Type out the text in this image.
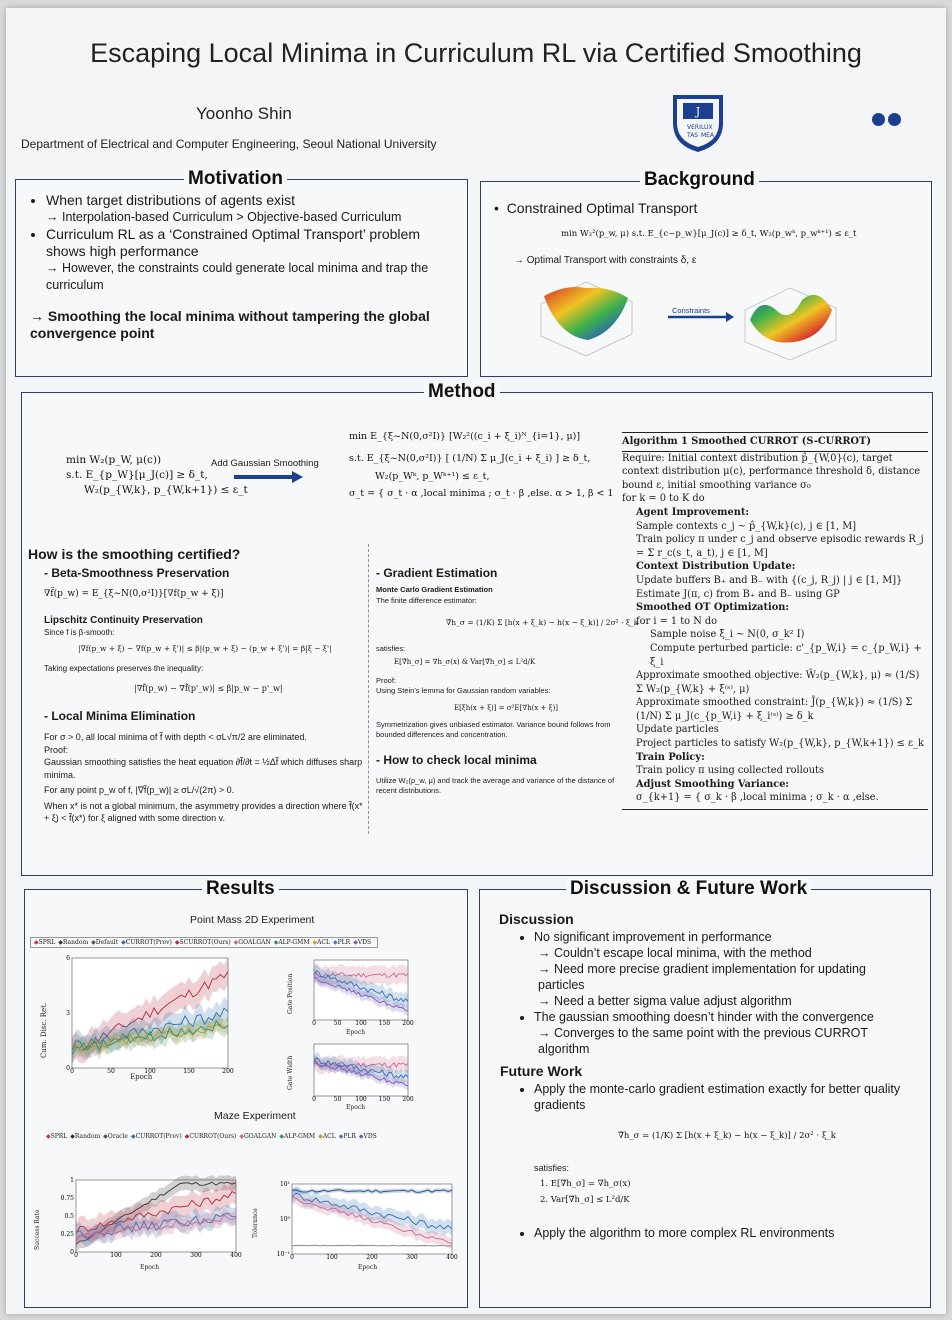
Escaping Local Minima in Curriculum RL via Certified Smoothing
Yoonho Shin
Department of Electrical and Computer Engineering, Seoul National University
J
VERI LUX
TAS MEA
Motivation
• When target distributions of agents exist
→ Interpolation-based Curriculum > Objective-based Curriculum
• Curriculum RL as a ‘Constrained Optimal Transport’ problem shows high performance
→ However, the constraints could generate local minima and trap the curriculum
→ Smoothing the local minima without tampering the global convergence point
Background
•  Constrained Optimal Transport
min W₂²(p_w, μ) s.t. E_{c~p_w}[μ_J(c)] ≥ δ_t, W₂(p_wᵏ, p_wᵏ⁺¹) ≤ ε_t
→ Optimal Transport with constraints δ, ε
Constraints
Method
min W₂(p_W, μ(c))
s.t. E_{p_W}[μ_J(c)] ≥ δ_t,
W₂(p_{W,k}, p_{W,k+1}) ≤ ε_t
Add Gaussian Smoothing
min E_{ξ~N(0,σ²I)} [W₂²((c_i + ξ_i)ᴺ_{i=1}, μ)]
s.t. E_{ξ~N(0,σ²I)} [ (1/N) Σ μ_J(c_i + ξ_i) ] ≥ δ_t,
W₂(p_Wᵏ, p_Wᵏ⁺¹) ≤ ε_t,
σ_t = { σ_t · α ,local minima ; σ_t · β ,else. α > 1, β < 1
How is the smoothing certified?
- Beta-Smoothness Preservation
∇f̃(p_w) = E_{ξ~N(0,σ²I)}[∇f(p_w + ξ)]
Lipschitz Continuity Preservation
Since f is β-smooth:
|∇f(p_w + ξ) − ∇f(p_w + ξ')| ≤ β|(p_w + ξ) − (p_w + ξ')| = β|ξ − ξ'|
Taking expectations preserves the inequality:
|∇f̃(p_w) − ∇f̃(p'_w)| ≤ β|p_w − p'_w|
- Local Minima Elimination
For σ > 0, all local minima of f̃ with depth < σL√π/2 are eliminated.
Proof:
Gaussian smoothing satisfies the heat equation ∂f̃/∂t = ½Δf̃ which diffuses sharp minima.
For any point p_w of f, |∇f̃(p_w)| ≥ σL/√(2π) > 0.
When x* is not a global minimum, the asymmetry provides a direction where f̃(x* + ξ) < f̃(x*) for ξ aligned with some direction v.
- Gradient Estimation
Monte Carlo Gradient Estimation
The finite difference estimator:
∇̂h_σ = (1/K) Σ [h(x + ξ_k) − h(x − ξ_k)] / 2σ² · ξ_k
satisfies:
E[∇̂h_σ] = ∇h_σ(x) & Var[∇̂h_σ] ≤ L²d/K
Proof:
Using Stein's lemma for Gaussian random variables:
E[ξh(x + ξ)] = σ²E[∇h(x + ξ)]
Symmetrization gives unbiased estimator. Variance bound follows from bounded differences and concentration.
- How to check local minima
Utilize W₂(p_w, μ) and track the average and variance of the distance of recent distributions.
Algorithm 1 Smoothed CURROT (S-CURROT)
Require: Initial context distribution p̂_{W,0}(c), target context distribution μ(c), performance threshold δ, distance bound ε, initial smoothing variance σ₀
for k = 0 to K do
Agent Improvement:
Sample contexts c_j ~ p̂_{W,k}(c), j ∈ [1, M]
Train policy π under c_j and observe episodic rewards R_j = Σ r_c(s_t, a_t), j ∈ [1, M]
Context Distribution Update:
Update buffers B₊ and B₋ with {(c_j, R_j) | j ∈ [1, M]}
Estimate J(π, c) from B₊ and B₋ using GP
Smoothed OT Optimization:
for i = 1 to N do
Sample noise ξ_i ~ N(0, σ_k² I)
Compute perturbed particle: c'_{p_W,i} = c_{p_W,i} + ξ_i
Approximate smoothed objective: W̃₂(p_{W,k}, μ) ≈ (1/S) Σ W₂(p_{W,k} + ξ⁽ˢ⁾, μ)
Approximate smoothed constraint: J̃(p_{W,k}) ≈ (1/S) Σ (1/N) Σ μ_J(c_{p_W,i} + ξ_i⁽ˢ⁾) ≥ δ_k
Update particles
Project particles to satisfy W₂(p_{W,k}, p_{W,k+1}) ≤ ε_k
Train Policy:
Train policy π using collected rollouts
Adjust Smoothing Variance:
σ_{k+1} = { σ_k · β ,local minima ; σ_k · α ,else.
Results
Point Mass 2D Experiment
◆SPRL ◆Random ◆Default ◆CURROT(Prev) ◆SCURROT(Ours) ◆GOALGAN ◆ALP-GMM ◆ACL ◆PLR ◆VDS
0	50	100	150	200
6
3
0
Cum. Disc. Ret.
Epoch
0	50 100 150 200
Gate Position
Epoch
0	50 100 150 200
Gate Width
Epoch
Maze Experiment
◆SPRL ◆Random ◆Oracle ◆CURROT(Prev) ◆CURROT(Ours) ◆GOALGAN ◆ALP-GMM ◆ACL ◆PLR ◆VDS
0	100	200	300	400
1
0.75
0.5
0.25
0
Success Rate
Epoch
0	100	200	300	400
10¹
10⁰
10⁻¹
Tolerance
Epoch
Discussion & Future Work
Discussion
• No significant improvement in performance
→ Couldn’t escape local minima, with the method
→ Need more precise gradient implementation for updating particles
→ Need a better sigma value adjust algorithm
• The gaussian smoothing doesn’t hinder with the convergence
→ Converges to the same point with the previous CURROT algorithm
Future Work
• Apply the monte-carlo gradient estimation exactly for better quality gradients
∇̂h_σ = (1/K) Σ [h(x + ξ_k) − h(x − ξ_k)] / 2σ² · ξ_k
satisfies:
1. E[∇̂h_σ] = ∇h_σ(x)
2. Var[∇̂h_σ] ≤ L²d/K
• Apply the algorithm to more complex RL environments
